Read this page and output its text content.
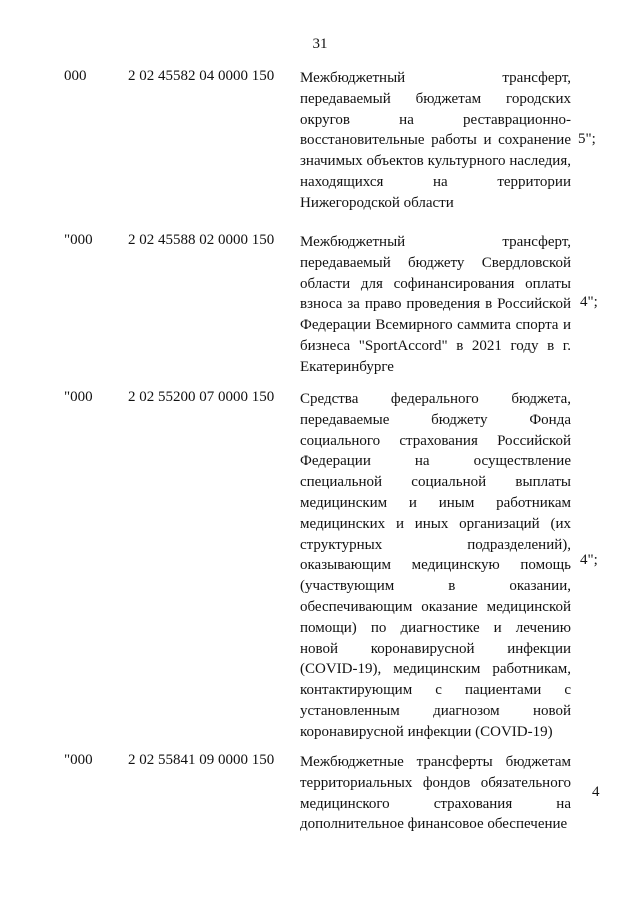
31
000	2 02 45582 04 0000 150 Межбюджетный трансферт, передаваемый бюджетам городских округов на реставрационно-восстановительные работы и сохранение значимых объектов культурного наследия, находящихся на территории Нижегородской области
5";
"000 2 02 45588 02 0000 150 Межбюджетный трансферт, передаваемый бюджету Свердловской области для софинансирования оплаты взноса за право проведения в Российской Федерации Всемирного саммита спорта и бизнеса "SportAccord" в 2021 году в г. Екатеринбурге
4";
"000 2 02 55200 07 0000 150 Средства федерального бюджета, передаваемые бюджету Фонда социального страхования Российской Федерации на осуществление специальной социальной выплаты медицинским и иным работникам медицинских и иных организаций (их структурных подразделений), оказывающим медицинскую помощь (участвующим в оказании, обеспечивающим оказание медицинской помощи) по диагностике и лечению новой коронавирусной инфекции (COVID-19), медицинским работникам, контактирующим с пациентами с установленным диагнозом новой коронавирусной инфекции (COVID-19)
4";
"000 2 02 55841 09 0000 150 Межбюджетные трансферты бюджетам территориальных фондов обязательного медицинского страхования на дополнительное финансовое обеспечение
4
